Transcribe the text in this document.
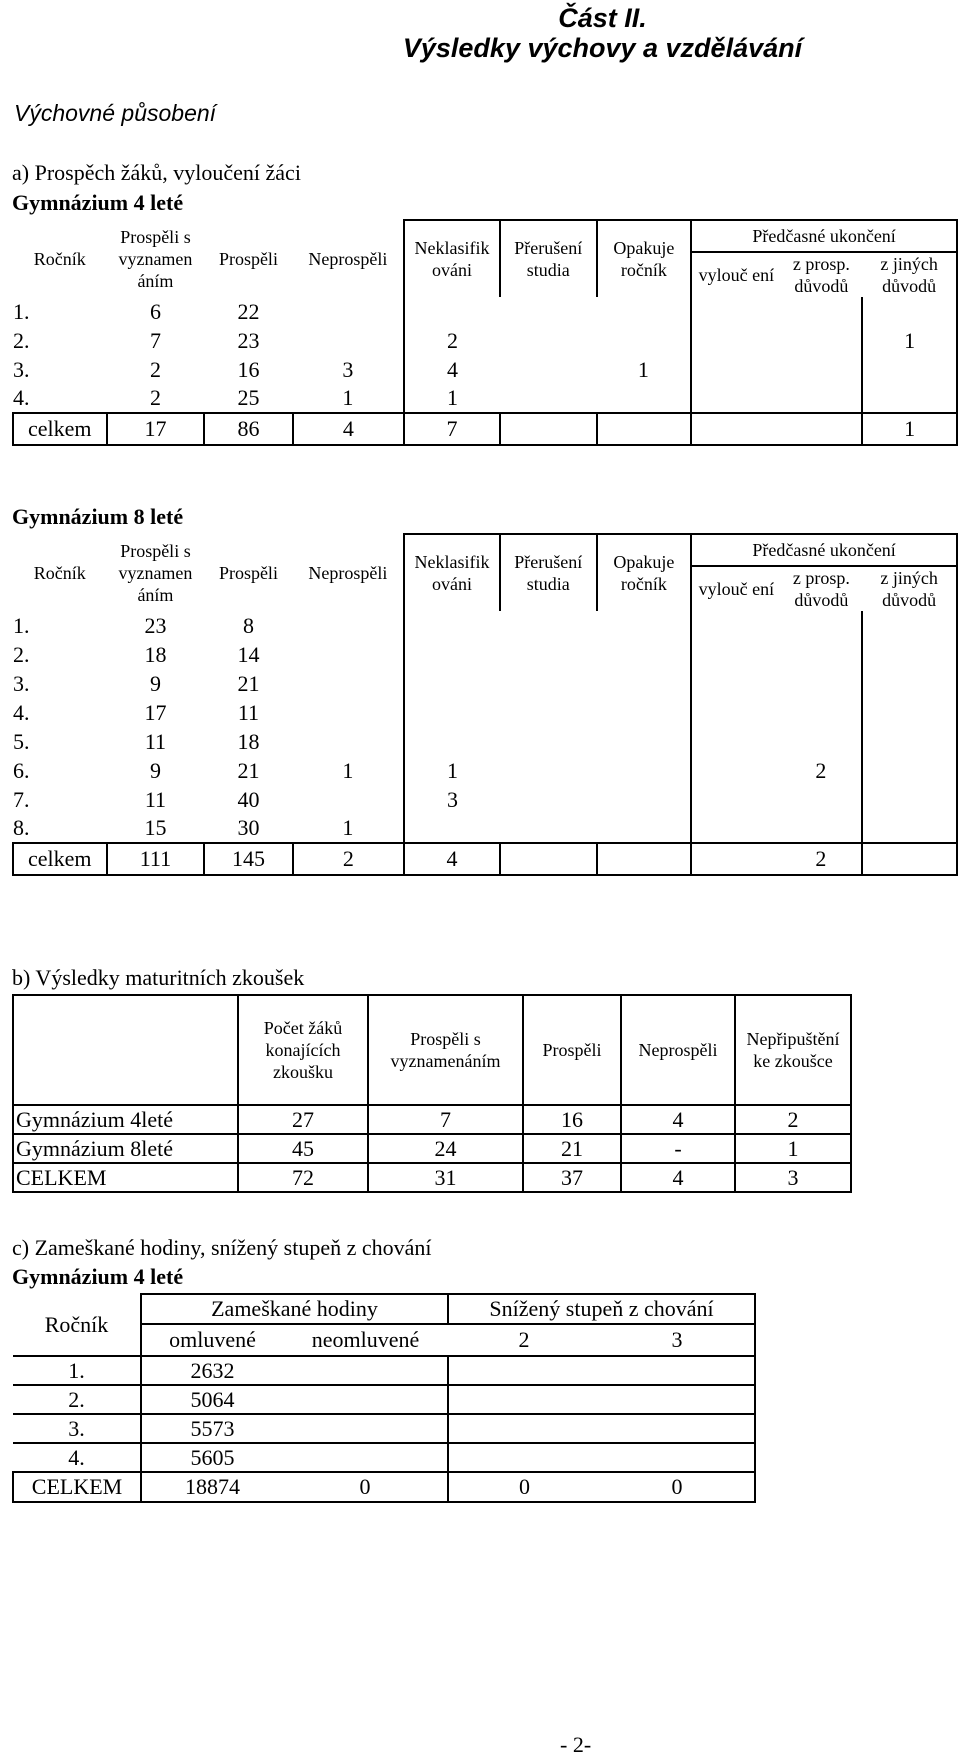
Část II.
Výsledky výchovy a vzdělávání
Výchovné působení
a) Prospěch žáků, vyloučení žáci
Gymnázium 4 leté
Ročník	Prospěli s vyznamen áním	Prospěli	Neprospěli	Neklasifik ováni	Přerušení studia	Opakuje ročník	Předčasné ukončení		
							vylouč ení	z prosp. důvodů	z jiných důvodů
1.	6	22							
2.	7	23		2					1
3.	2	16	3	4		1			
4.	2	25	1	1					
celkem	17	86	4	7					1
Gymnázium 8 leté
Ročník	Prospěli s vyznamen áním	Prospěli	Neprospěli	Neklasifik ováni	Přerušení studia	Opakuje ročník	Předčasné ukončení		
							vylouč ení	z prosp. důvodů	z jiných důvodů
1.	23	8							
2.	18	14							
3.	9	21							
4.	17	11							
5.	11	18							
6.	9	21	1	1				2	
7.	11	40		3					
8.	15	30	1						
celkem	111	145	2	4				2	
b) Výsledky maturitních zkoušek
	Počet žáků konajících zkoušku	Prospěli s vyznamenáním	Prospěli	Neprospěli	Nepřipuštění ke zkoušce
Gymnázium 4leté	27	7	16	4	2
Gymnázium 8leté	45	24	21	-	1
CELKEM	72	31	37	4	3
c) Zameškané hodiny, snížený stupeň z chování
Gymnázium 4 leté
Ročník	Zameškané hodiny		Snížený stupeň z chování	
	omluvené	neomluvené	2	3
1.	2632			
2.	5064			
3.	5573			
4.	5605			
CELKEM	18874	0	0	0
- 2-
